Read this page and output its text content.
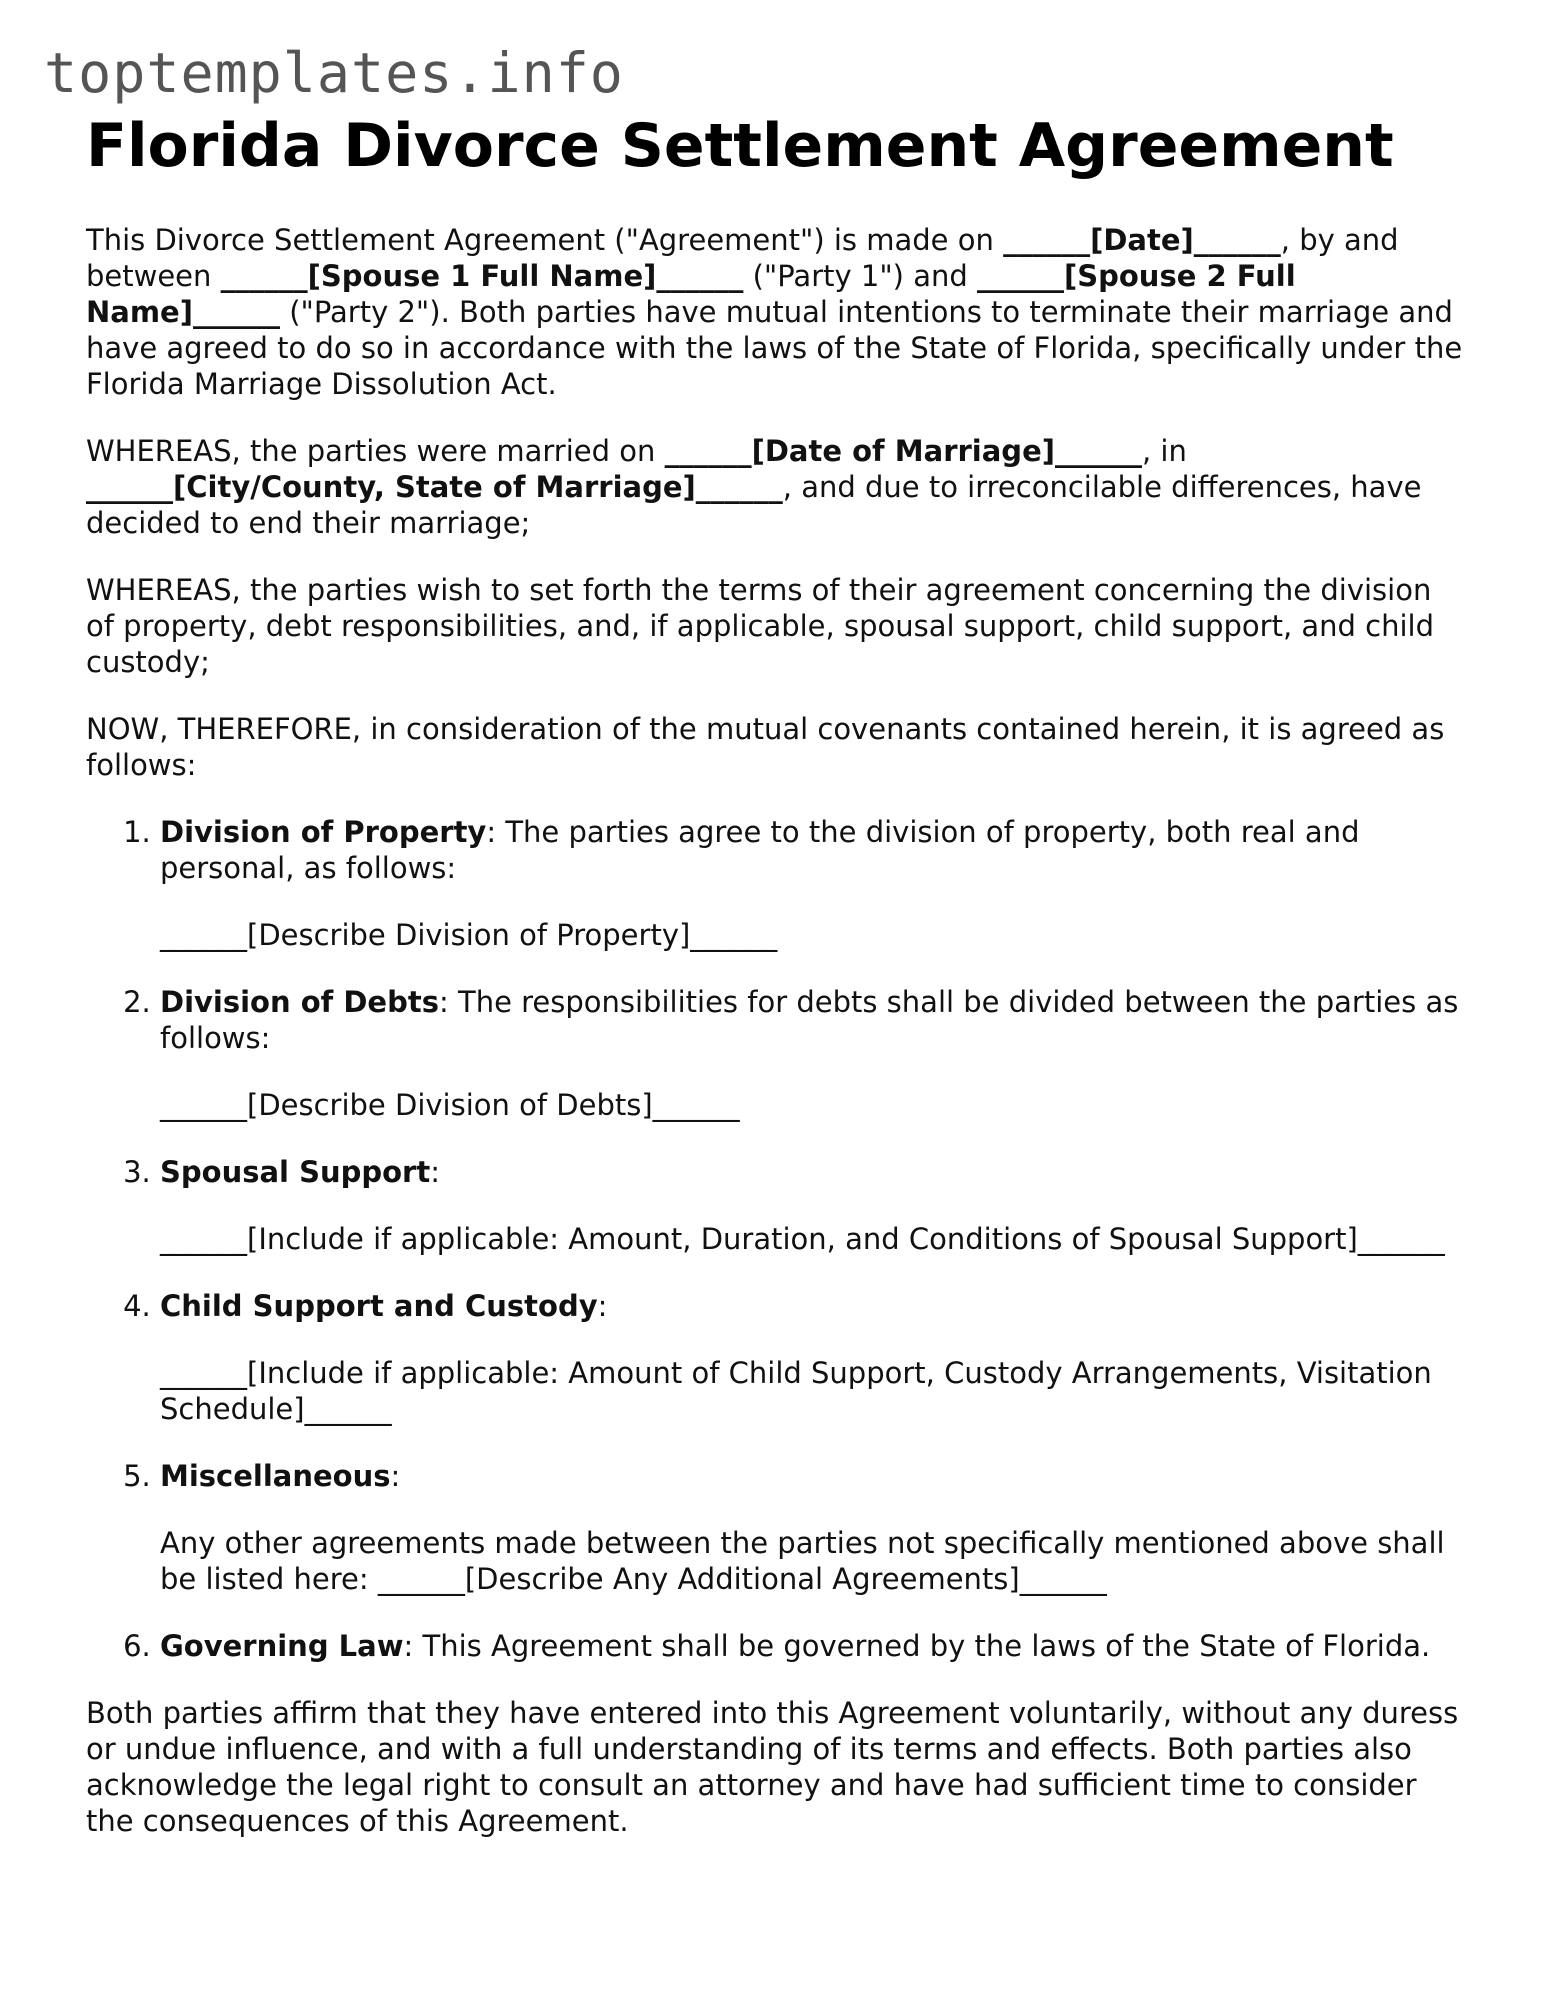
toptemplates.info
Florida Divorce Settlement Agreement

This Divorce Settlement Agreement ("Agreement") is made on ______[Date]______, by and between ______[Spouse 1 Full Name]______ ("Party 1") and ______[Spouse 2 Full Name]______ ("Party 2"). Both parties have mutual intentions to terminate their marriage and have agreed to do so in accordance with the laws of the State of Florida, specifically under the Florida Marriage Dissolution Act.

WHEREAS, the parties were married on ______[Date of Marriage]______, in ______[City/County, State of Marriage]______, and due to irreconcilable differences, have decided to end their marriage;

WHEREAS, the parties wish to set forth the terms of their agreement concerning the division of property, debt responsibilities, and, if applicable, spousal support, child support, and child custody;

NOW, THEREFORE, in consideration of the mutual covenants contained herein, it is agreed as follows:

1. Division of Property: The parties agree to the division of property, both real and personal, as follows:

______[Describe Division of Property]______

2. Division of Debts: The responsibilities for debts shall be divided between the parties as follows:

______[Describe Division of Debts]______

3. Spousal Support:

______[Include if applicable: Amount, Duration, and Conditions of Spousal Support]______

4. Child Support and Custody:

______[Include if applicable: Amount of Child Support, Custody Arrangements, Visitation Schedule]______

5. Miscellaneous:

Any other agreements made between the parties not specifically mentioned above shall be listed here: ______[Describe Any Additional Agreements]______

6. Governing Law: This Agreement shall be governed by the laws of the State of Florida.

Both parties affirm that they have entered into this Agreement voluntarily, without any duress or undue influence, and with a full understanding of its terms and effects. Both parties also acknowledge the legal right to consult an attorney and have had sufficient time to consider the consequences of this Agreement.
